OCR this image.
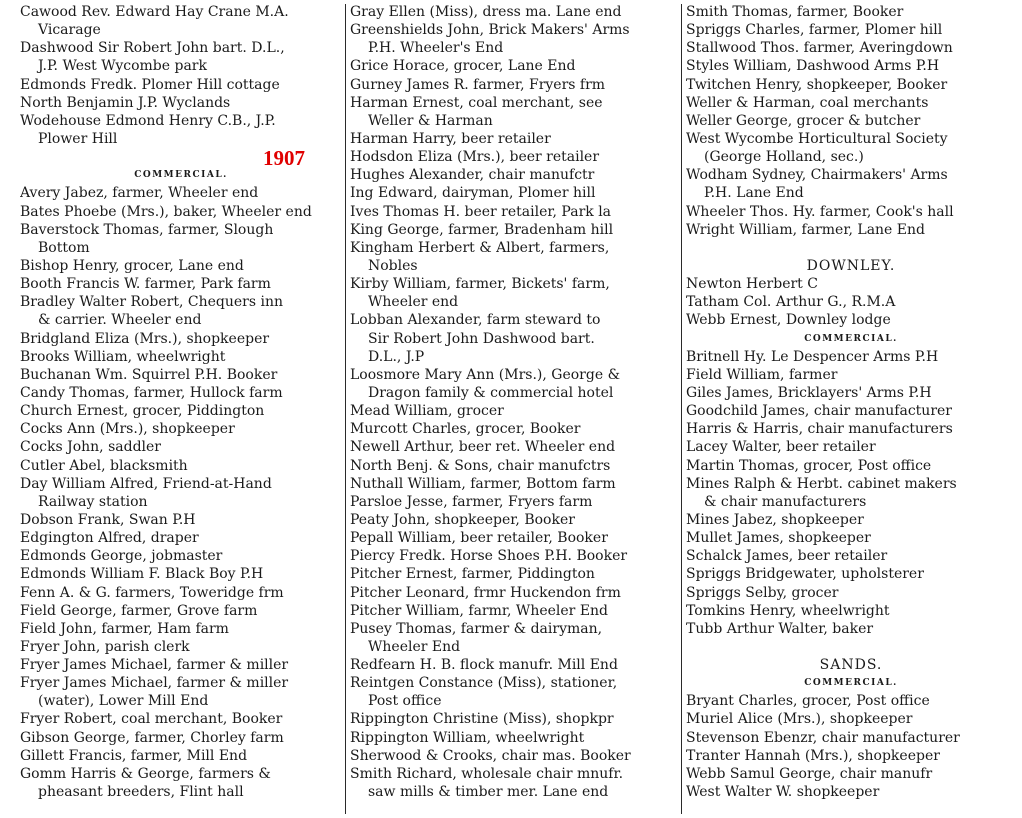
Cawood Rev. Edward Hay Crane M.A.
Vicarage
Dashwood Sir Robert John bart. D.L.,
J.P. West Wycombe park
Edmonds Fredk. Plomer Hill cottage
North Benjamin J.P. Wyclands
Wodehouse Edmond Henry C.B., J.P.
Plower Hill
COMMERCIAL.
Avery Jabez, farmer, Wheeler end
Bates Phoebe (Mrs.), baker, Wheeler end
Baverstock Thomas, farmer, Slough
Bottom
Bishop Henry, grocer, Lane end
Booth Francis W. farmer, Park farm
Bradley Walter Robert, Chequers inn
& carrier. Wheeler end
Bridgland Eliza (Mrs.), shopkeeper
Brooks William, wheelwright
Buchanan Wm. Squirrel P.H. Booker
Candy Thomas, farmer, Hullock farm
Church Ernest, grocer, Piddington
Cocks Ann (Mrs.), shopkeeper
Cocks John, saddler
Cutler Abel, blacksmith
Day William Alfred, Friend-at-Hand
Railway station
Dobson Frank, Swan P.H
Edgington Alfred, draper
Edmonds George, jobmaster
Edmonds William F. Black Boy P.H
Fenn A. & G. farmers, Toweridge frm
Field George, farmer, Grove farm
Field John, farmer, Ham farm
Fryer John, parish clerk
Fryer James Michael, farmer & miller
Fryer James Michael, farmer & miller
(water), Lower Mill End
Fryer Robert, coal merchant, Booker
Gibson George, farmer, Chorley farm
Gillett Francis, farmer, Mill End
Gomm Harris & George, farmers &
pheasant breeders, Flint hall
Gray Ellen (Miss), dress ma. Lane end
Greenshields John, Brick Makers' Arms
P.H. Wheeler's End
Grice Horace, grocer, Lane End
Gurney James R. farmer, Fryers frm
Harman Ernest, coal merchant, see
Weller & Harman
Harman Harry, beer retailer
Hodsdon Eliza (Mrs.), beer retailer
Hughes Alexander, chair manufctr
Ing Edward, dairyman, Plomer hill
Ives Thomas H. beer retailer, Park la
King George, farmer, Bradenham hill
Kingham Herbert & Albert, farmers,
Nobles
Kirby William, farmer, Bickets' farm,
Wheeler end
Lobban Alexander, farm steward to
Sir Robert John Dashwood bart.
D.L., J.P
Loosmore Mary Ann (Mrs.), George &
Dragon family & commercial hotel
Mead William, grocer
Murcott Charles, grocer, Booker
Newell Arthur, beer ret. Wheeler end
North Benj. & Sons, chair manufctrs
Nuthall William, farmer, Bottom farm
Parsloe Jesse, farmer, Fryers farm
Peaty John, shopkeeper, Booker
Pepall William, beer retailer, Booker
Piercy Fredk. Horse Shoes P.H. Booker
Pitcher Ernest, farmer, Piddington
Pitcher Leonard, frmr Huckendon frm
Pitcher William, farmr, Wheeler End
Pusey Thomas, farmer & dairyman,
Wheeler End
Redfearn H. B. flock manufr. Mill End
Reintgen Constance (Miss), stationer,
Post office
Rippington Christine (Miss), shopkpr
Rippington William, wheelwright
Sherwood & Crooks, chair mas. Booker
Smith Richard, wholesale chair mnufr.
saw mills & timber mer. Lane end
Smith Thomas, farmer, Booker
Spriggs Charles, farmer, Plomer hill
Stallwood Thos. farmer, Averingdown
Styles William, Dashwood Arms P.H
Twitchen Henry, shopkeeper, Booker
Weller & Harman, coal merchants
Weller George, grocer & butcher
West Wycombe Horticultural Society
(George Holland, sec.)
Wodham Sydney, Chairmakers' Arms
P.H. Lane End
Wheeler Thos. Hy. farmer, Cook's hall
Wright William, farmer, Lane End
DOWNLEY.
Newton Herbert C
Tatham Col. Arthur G., R.M.A
Webb Ernest, Downley lodge
COMMERCIAL.
Britnell Hy. Le Despencer Arms P.H
Field William, farmer
Giles James, Bricklayers' Arms P.H
Goodchild James, chair manufacturer
Harris & Harris, chair manufacturers
Lacey Walter, beer retailer
Martin Thomas, grocer, Post office
Mines Ralph & Herbt. cabinet makers
& chair manufacturers
Mines Jabez, shopkeeper
Mullet James, shopkeeper
Schalck James, beer retailer
Spriggs Bridgewater, upholsterer
Spriggs Selby, grocer
Tomkins Henry, wheelwright
Tubb Arthur Walter, baker
SANDS.
COMMERCIAL.
Bryant Charles, grocer, Post office
Muriel Alice (Mrs.), shopkeeper
Stevenson Ebenzr, chair manufacturer
Tranter Hannah (Mrs.), shopkeeper
Webb Samul George, chair manufr
West Walter W. shopkeeper
1907
